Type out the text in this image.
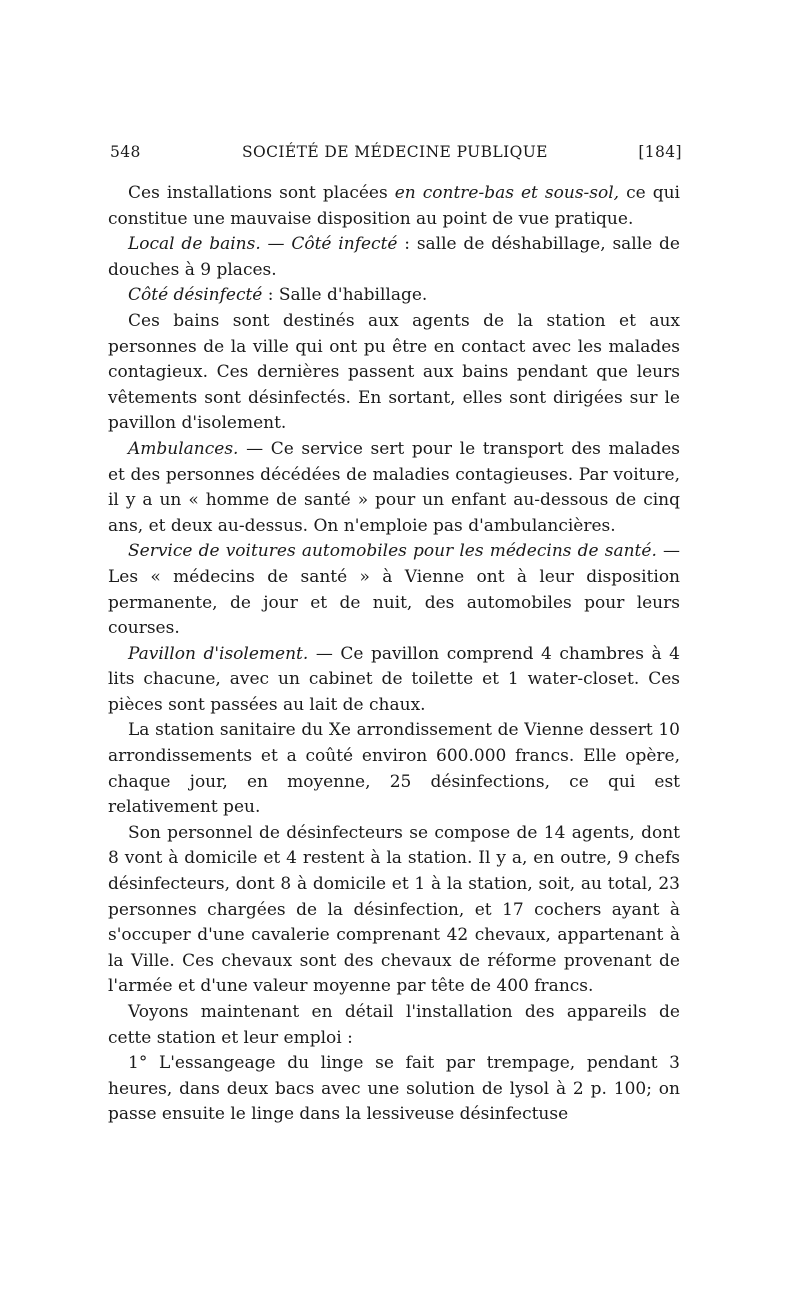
548	SOCIÉTÉ DE MÉDECINE PUBLIQUE	[184]

Ces installations sont placées en contre-bas et sous-sol, ce qui constitue une mauvaise disposition au point de vue pratique.

Local de bains. — Côté infecté : salle de déshabillage, salle de douches à 9 places.

Côté désinfecté : Salle d'habillage.

Ces bains sont destinés aux agents de la station et aux personnes de la ville qui ont pu être en contact avec les malades contagieux. Ces dernières passent aux bains pendant que leurs vêtements sont désinfectés. En sortant, elles sont dirigées sur le pavillon d'isolement.

Ambulances. — Ce service sert pour le transport des malades et des personnes décédées de maladies contagieuses. Par voiture, il y a un « homme de santé » pour un enfant au-dessous de cinq ans, et deux au-dessus. On n'emploie pas d'ambulancières.

Service de voitures automobiles pour les médecins de santé. — Les « médecins de santé » à Vienne ont à leur disposition permanente, de jour et de nuit, des automobiles pour leurs courses.

Pavillon d'isolement. — Ce pavillon comprend 4 chambres à 4 lits chacune, avec un cabinet de toilette et 1 water-closet. Ces pièces sont passées au lait de chaux.

La station sanitaire du Xe arrondissement de Vienne dessert 10 arrondissements et a coûté environ 600.000 francs. Elle opère, chaque jour, en moyenne, 25 désinfections, ce qui est relativement peu.

Son personnel de désinfecteurs se compose de 14 agents, dont 8 vont à domicile et 4 restent à la station. Il y a, en outre, 9 chefs désinfecteurs, dont 8 à domicile et 1 à la station, soit, au total, 23 personnes chargées de la désinfection, et 17 cochers ayant à s'occuper d'une cavalerie comprenant 42 chevaux, appartenant à la Ville. Ces chevaux sont des chevaux de réforme provenant de l'armée et d'une valeur moyenne par tête de 400 francs.

Voyons maintenant en détail l'installation des appareils de cette station et leur emploi :

1° L'essangeage du linge se fait par trempage, pendant 3 heures, dans deux bacs avec une solution de lysol à 2 p. 100; on passe ensuite le linge dans la lessiveuse désinfectuse
